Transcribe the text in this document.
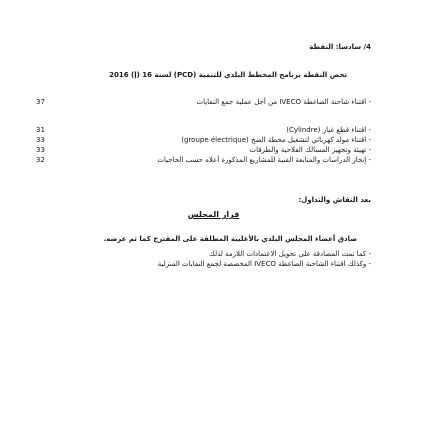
4/ سادسا: النقطة
تخص النقطة برنامج المخطط البلدي للتنمية (PCD) لسنة 16 (إ) 2016
- اقتناء شاحنة الضاغطة IVECO من أجل عملية جمع النفايات
37
- اقتناء قطع غيار (Cylindre)
31
- اقتناء مولد كهربائي لتشغيل محطة الضخ (groupe électrique)
33
- تهيئة وتجهيز المسالك الفلاحية والطرقات
33
- إنجاز الدراسات والمتابعة الفنية للمشاريع المذكورة أعلاه حسب الحاجيات
32
بعد النقاش والتداول:
قرار المجلس
صادق أعضاء المجلس البلدي بالأغلبية المطلقة على المقترح كما تم عرضه.
- كما تمت المصادقة على تحويل الاعتمادات اللازمة لذلك
- وكذلك اقتناء الشاحنة الضاغطة IVECO المخصصة لجمع النفايات المنزلية
